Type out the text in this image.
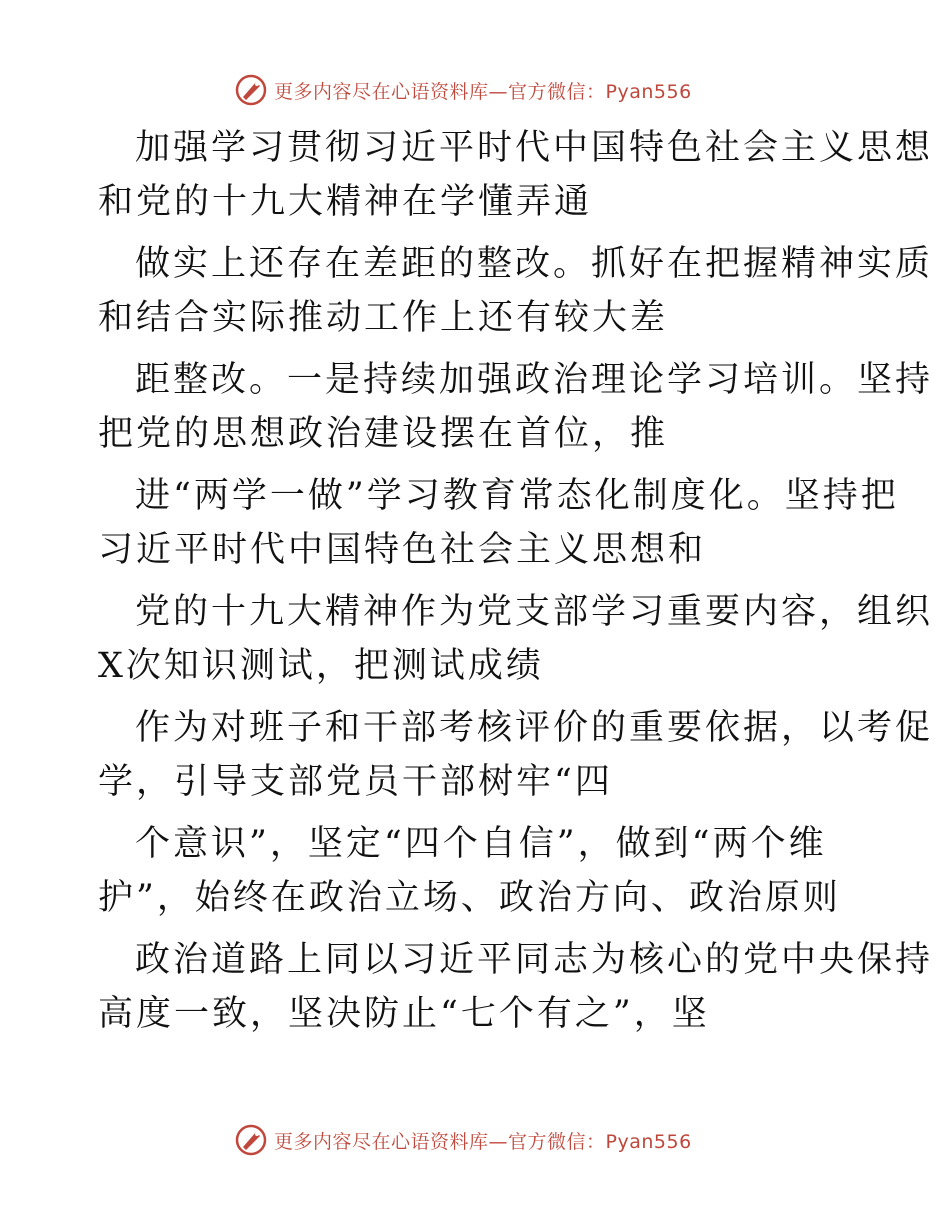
更多内容尽在心语资料库—官方微信：Pyan556

加强学习贯彻习近平时代中国特色社会主义思想
和党的十九大精神在学懂弄通

做实上还存在差距的整改。抓好在把握精神实质
和结合实际推动工作上还有较大差

距整改。一是持续加强政治理论学习培训。坚持
把党的思想政治建设摆在首位，推

进“两学一做”学习教育常态化制度化。坚持把
习近平时代中国特色社会主义思想和

党的十九大精神作为党支部学习重要内容，组织
X次知识测试，把测试成绩

作为对班子和干部考核评价的重要依据，以考促
学，引导支部党员干部树牢“四

个意识”，坚定“四个自信”，做到“两个维
护”，始终在政治立场、政治方向、政治原则

政治道路上同以习近平同志为核心的党中央保持
高度一致，坚决防止“七个有之”，坚

更多内容尽在心语资料库—官方微信：Pyan556
